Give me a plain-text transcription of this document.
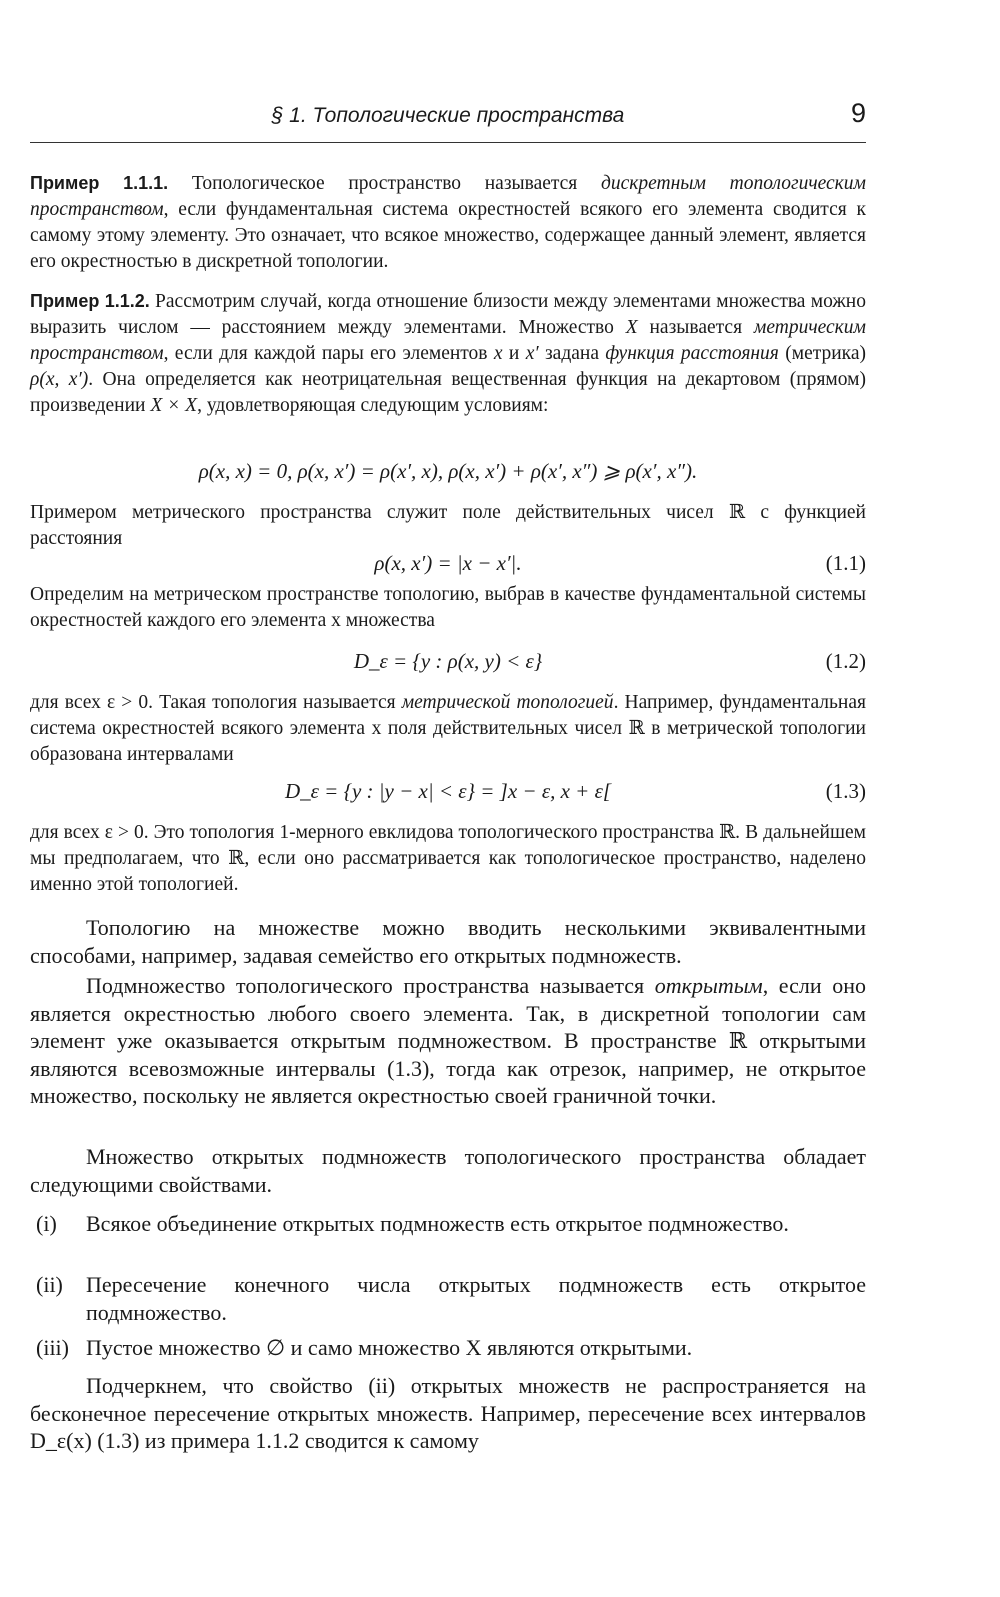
§ 1. Топологические пространства	9
Пример 1.1.1. Топологическое пространство называется дискретным топологическим пространством, если фундаментальная система окрестностей всякого его элемента сводится к самому этому элементу. Это означает, что всякое множество, содержащее данный элемент, является его окрестностью в дискретной топологии.
Пример 1.1.2. Рассмотрим случай, когда отношение близости между элементами множества можно выразить числом — расстоянием между элементами. Множество X называется метрическим пространством, если для каждой пары его элементов x и x′ задана функция расстояния (метрика) ρ(x, x′). Она определяется как неотрицательная вещественная функция на декартовом (прямом) произведении X × X, удовлетворяющая следующим условиям:
ρ(x, x) = 0, ρ(x, x′) = ρ(x′, x), ρ(x, x′) + ρ(x′, x″) ⩾ ρ(x′, x″).
Примером метрического пространства служит поле действительных чисел ℝ с функцией расстояния
ρ(x, x′) = |x − x′|.	(1.1)
Определим на метрическом пространстве топологию, выбрав в качестве фундаментальной системы окрестностей каждого его элемента x множества
D_ε = {y : ρ(x, y) < ε}	(1.2)
для всех ε > 0. Такая топология называется метрической топологией. Например, фундаментальная система окрестностей всякого элемента x поля действительных чисел ℝ в метрической топологии образована интервалами
D_ε = {y : |y − x| < ε} = ]x − ε, x + ε[	(1.3)
для всех ε > 0. Это топология 1-мерного евклидова топологического пространства ℝ. В дальнейшем мы предполагаем, что ℝ, если оно рассматривается как топологическое пространство, наделено именно этой топологией.
Топологию на множестве можно вводить несколькими эквивалентными способами, например, задавая семейство его открытых подмножеств.
Подмножество топологического пространства называется открытым, если оно является окрестностью любого своего элемента. Так, в дискретной топологии сам элемент уже оказывается открытым подмножеством. В пространстве ℝ открытыми являются всевозможные интервалы (1.3), тогда как отрезок, например, не открытое множество, поскольку не является окрестностью своей граничной точки.
Множество открытых подмножеств топологического пространства обладает следующими свойствами.
(i)	Всякое объединение открытых подмножеств есть открытое подмножество.
(ii)	Пересечение конечного числа открытых подмножеств есть открытое подмножество.
(iii) Пустое множество ∅ и само множество X являются открытыми.
Подчеркнем, что свойство (ii) открытых множеств не распространяется на бесконечное пересечение открытых множеств. Например, пересечение всех интервалов D_ε(x) (1.3) из примера 1.1.2 сводится к самому
